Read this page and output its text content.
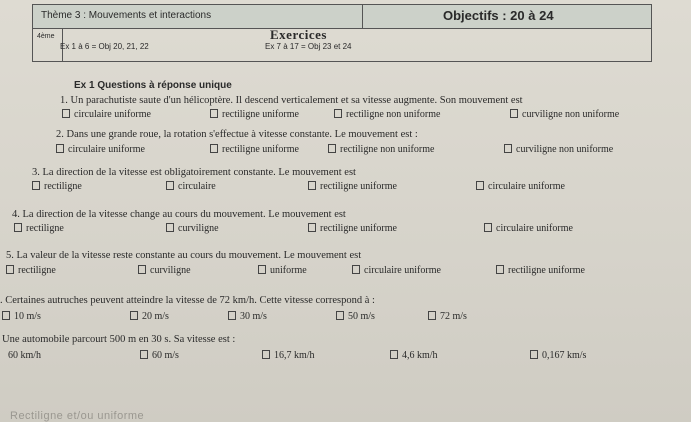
Thème 3 : Mouvements et interactions	Objectifs : 20 à 24
4ème	Exercices
Ex 1 à 6 = Obj 20, 21, 22	Ex 7 à 17 = Obj 23 et 24
Ex 1 Questions à réponse unique
1. Un parachutiste saute d'un hélicoptère. Il descend verticalement et sa vitesse augmente. Son mouvement est
circulaire uniforme	rectiligne uniforme	rectiligne non uniforme	curviligne non uniforme
2. Dans une grande roue, la rotation s'effectue à vitesse constante. Le mouvement est :
circulaire uniforme	rectiligne uniforme	rectiligne non uniforme	curviligne non uniforme
3. La direction de la vitesse est obligatoirement constante. Le mouvement est
rectiligne	circulaire	rectiligne uniforme	circulaire uniforme
4. La direction de la vitesse change au cours du mouvement. Le mouvement est
rectiligne	curviligne	rectiligne uniforme	circulaire uniforme
5. La valeur de la vitesse reste constante au cours du mouvement. Le mouvement est
rectiligne	curviligne	uniforme	circulaire uniforme	rectiligne uniforme
. Certaines autruches peuvent atteindre la vitesse de 72 km/h. Cette vitesse correspond à :
10 m/s	20 m/s	30 m/s	50 m/s	72 m/s
Une automobile parcourt 500 m en 30 s. Sa vitesse est :
60 km/h	60 m/s	16,7 km/h	4,6 km/h	0,167 km/s
Rectiligne et/ou uniforme
